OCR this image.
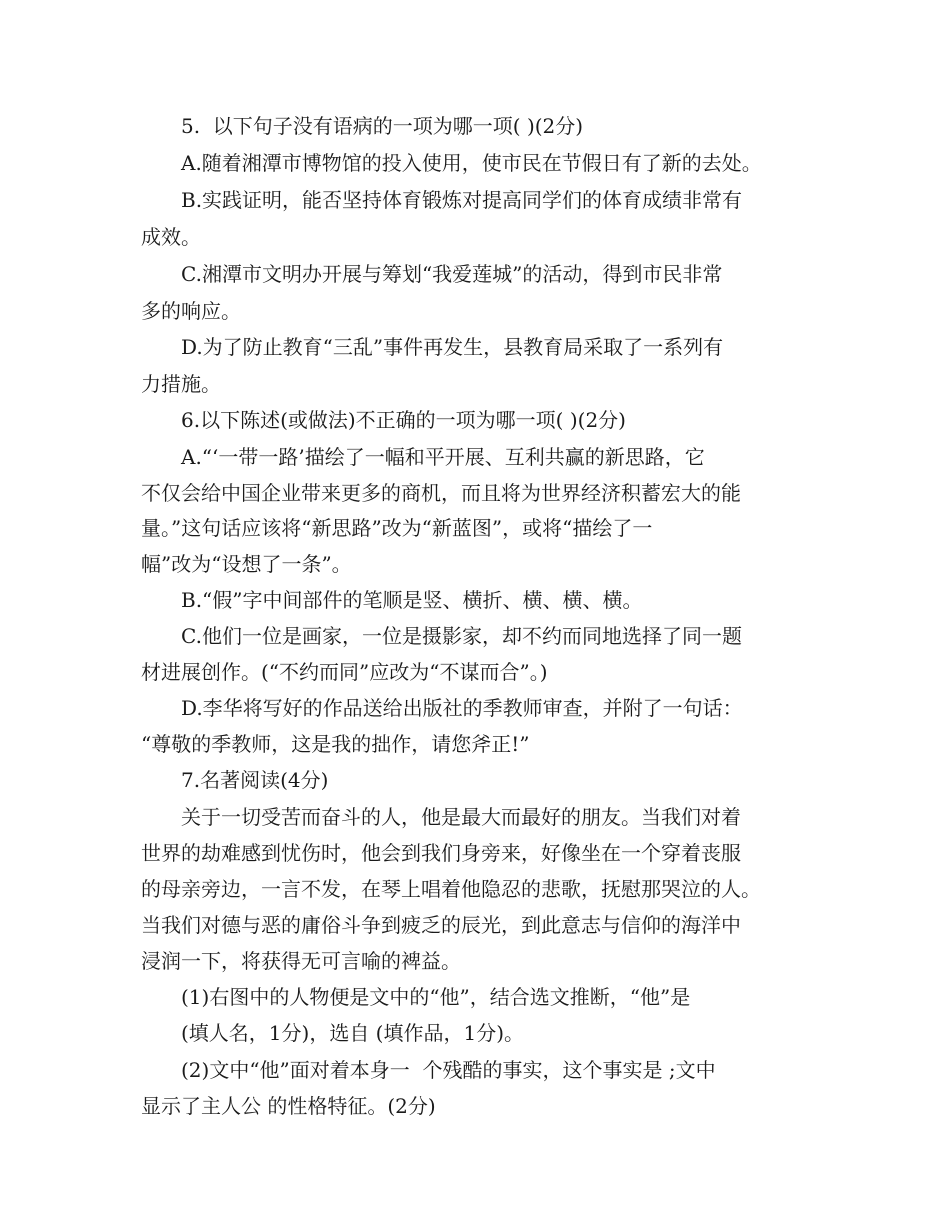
5.  以下句子没有语病的一项为哪一项( )(2分)
A.随着湘潭市博物馆的投入使用，使市民在节假日有了新的去处。
B.实践证明，能否坚持体育锻炼对提高同学们的体育成绩非常有
成效。
C.湘潭市文明办开展与筹划“我爱莲城”的活动，得到市民非常
多的响应。
D.为了防止教育“三乱”事件再发生，县教育局采取了一系列有
力措施。
6.以下陈述(或做法)不正确的一项为哪一项( )(2分)
A.“‘一带一路’描绘了一幅和平开展、互利共赢的新思路，它
不仅会给中国企业带来更多的商机，而且将为世界经济积蓄宏大的能
量。”这句话应该将“新思路”改为“新蓝图”，或将“描绘了一
幅”改为“设想了一条”。
B.“假”字中间部件的笔顺是竖、横折、横、横、横。
C.他们一位是画家，一位是摄影家，却不约而同地选择了同一题
材进展创作。(“不约而同”应改为“不谋而合”。)
D.李华将写好的作品送给出版社的季教师审查，并附了一句话：
“尊敬的季教师，这是我的拙作，请您斧正!”
7.名著阅读(4分)
关于一切受苦而奋斗的人，他是最大而最好的朋友。当我们对着
世界的劫难感到忧伤时，他会到我们身旁来，好像坐在一个穿着丧服
的母亲旁边，一言不发，在琴上唱着他隐忍的悲歌，抚慰那哭泣的人。
当我们对德与恶的庸俗斗争到疲乏的辰光，到此意志与信仰的海洋中
浸润一下，将获得无可言喻的裨益。
(1)右图中的人物便是文中的“他”，结合选文推断，“他”是
(填人名，1分)，选自 (填作品，1分)。
(2)文中“他”面对着本身一  个残酷的事实，这个事实是 ;文中
显示了主人公 的性格特征。(2分)
